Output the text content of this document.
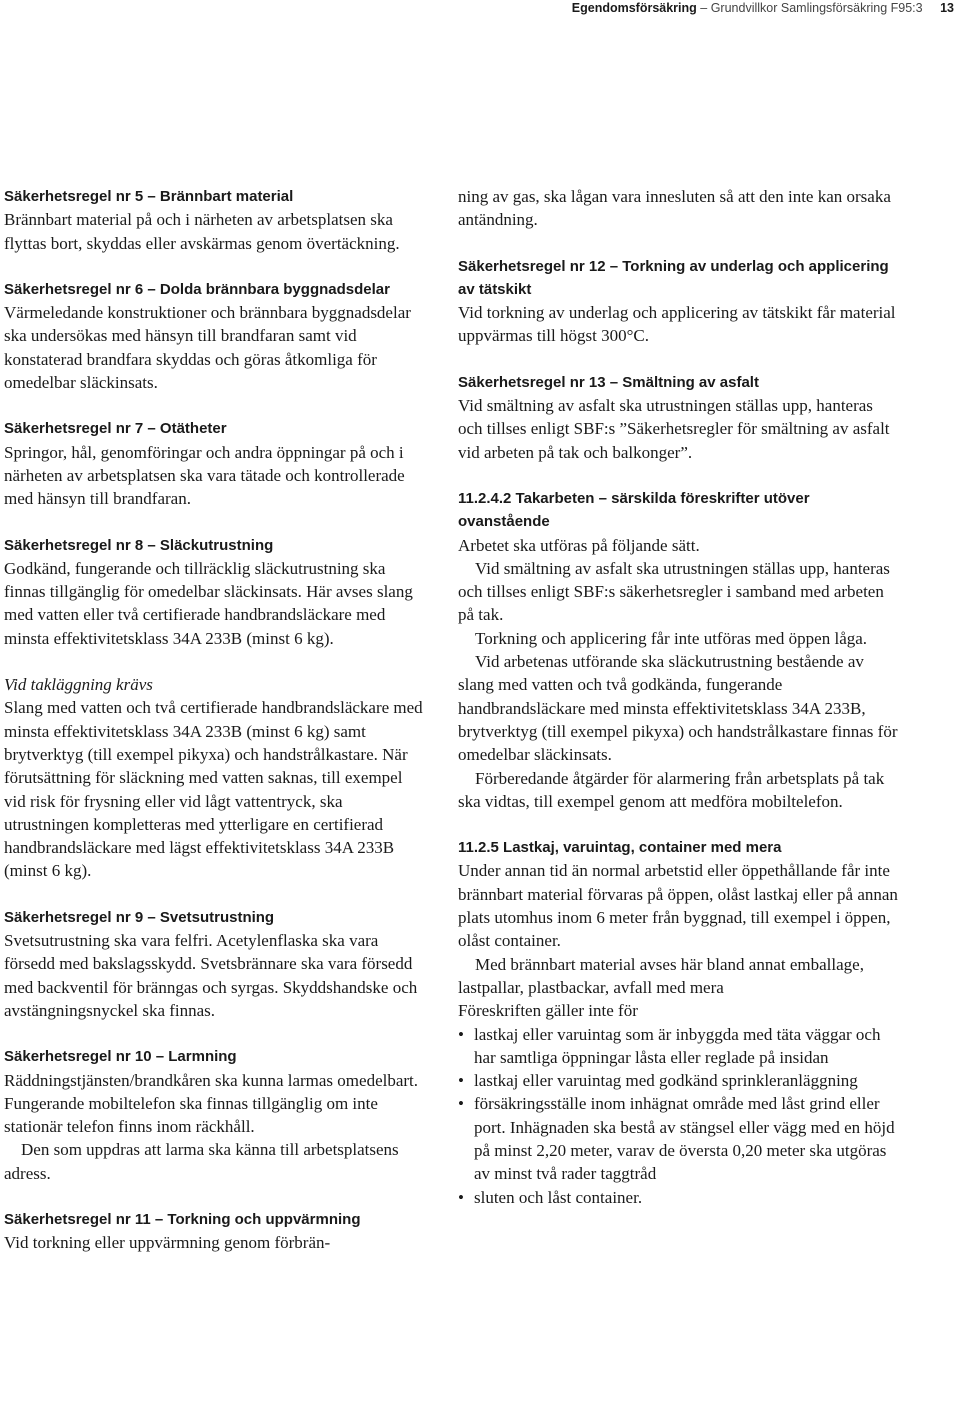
Egendomsförsäkring – Grundvillkor Samlingsförsäkring F95:3 13
Säkerhetsregel nr 5 – Brännbart material
Brännbart material på och i närheten av arbetsplatsen ska flyttas bort, skyddas eller avskärmas genom övertäckning.
Säkerhetsregel nr 6 – Dolda brännbara byggnadsdelar
Värmeledande konstruktioner och brännbara byggnadsdelar ska undersökas med hänsyn till brandfaran samt vid konstaterad brandfara skyddas och göras åtkomliga för omedelbar släckinsats.
Säkerhetsregel nr 7 – Otätheter
Springor, hål, genomföringar och andra öppningar på och i närheten av arbetsplatsen ska vara tätade och kontrollerade med hänsyn till brandfaran.
Säkerhetsregel nr 8 – Släckutrustning
Godkänd, fungerande och tillräcklig släckutrustning ska finnas tillgänglig för omedelbar släckinsats. Här avses slang med vatten eller två certifierade handbrandsläckare med minsta effektivitetsklass 34A 233B (minst 6 kg).
Vid takläggning krävs
Slang med vatten och två certifierade handbrandsläckare med minsta effektivitetsklass 34A 233B (minst 6 kg) samt brytverktyg (till exempel pikyxa) och handstrålkastare. När förutsättning för släckning med vatten saknas, till exempel vid risk för frysning eller vid lågt vattentryck, ska utrustningen kompletteras med ytterligare en certifierad handbrandsläckare med lägst effektivitetsklass 34A 233B (minst 6 kg).
Säkerhetsregel nr 9 – Svetsutrustning
Svetsutrustning ska vara felfri. Acetylenflaska ska vara försedd med bakslagsskydd. Svetsbrännare ska vara försedd med backventil för bränngas och syrgas. Skyddshandske och avstängningsnyckel ska finnas.
Säkerhetsregel nr 10 – Larmning
Räddningstjänsten/brandkåren ska kunna larmas omedelbart. Fungerande mobiltelefon ska finnas tillgänglig om inte stationär telefon finns inom räckhåll.
Den som uppdras att larma ska känna till arbetsplatsens adress.
Säkerhetsregel nr 11 – Torkning och uppvärmning
Vid torkning eller uppvärmning genom förbrän-
ning av gas, ska lågan vara innesluten så att den inte kan orsaka antändning.
Säkerhetsregel nr 12 – Torkning av underlag och applicering av tätskikt
Vid torkning av underlag och applicering av tätskikt får material uppvärmas till högst 300°C.
Säkerhetsregel nr 13 – Smältning av asfalt
Vid smältning av asfalt ska utrustningen ställas upp, hanteras och tillses enligt SBF:s ”Säkerhetsregler för smältning av asfalt vid arbeten på tak och balkonger”.
11.2.4.2 Takarbeten – särskilda föreskrifter utöver ovanstående
Arbetet ska utföras på följande sätt.
Vid smältning av asfalt ska utrustningen ställas upp, hanteras och tillses enligt SBF:s säkerhetsregler i samband med arbeten på tak.
Torkning och applicering får inte utföras med öppen låga.
Vid arbetenas utförande ska släckutrustning bestående av slang med vatten och två godkända, fungerande handbrandsläckare med minsta effektivitetsklass 34A 233B, brytverktyg (till exempel pikyxa) och handstrålkastare finnas för omedelbar släckinsats.
Förberedande åtgärder för alarmering från arbetsplats på tak ska vidtas, till exempel genom att medföra mobiltelefon.
11.2.5 Lastkaj, varuintag, container med mera
Under annan tid än normal arbetstid eller öppethållande får inte brännbart material förvaras på öppen, olåst lastkaj eller på annan plats utomhus inom 6 meter från byggnad, till exempel i öppen, olåst container.
Med brännbart material avses här bland annat emballage, lastpallar, plastbackar, avfall med mera
Föreskriften gäller inte för
• lastkaj eller varuintag som är inbyggda med täta väggar och har samtliga öppningar låsta eller reglade på insidan
• lastkaj eller varuintag med godkänd sprinkleranläggning
• försäkringsställe inom inhägnat område med låst grind eller port. Inhägnaden ska bestå av stängsel eller vägg med en höjd på minst 2,20 meter, varav de översta 0,20 meter ska utgöras av minst två rader taggtråd
• sluten och låst container.
